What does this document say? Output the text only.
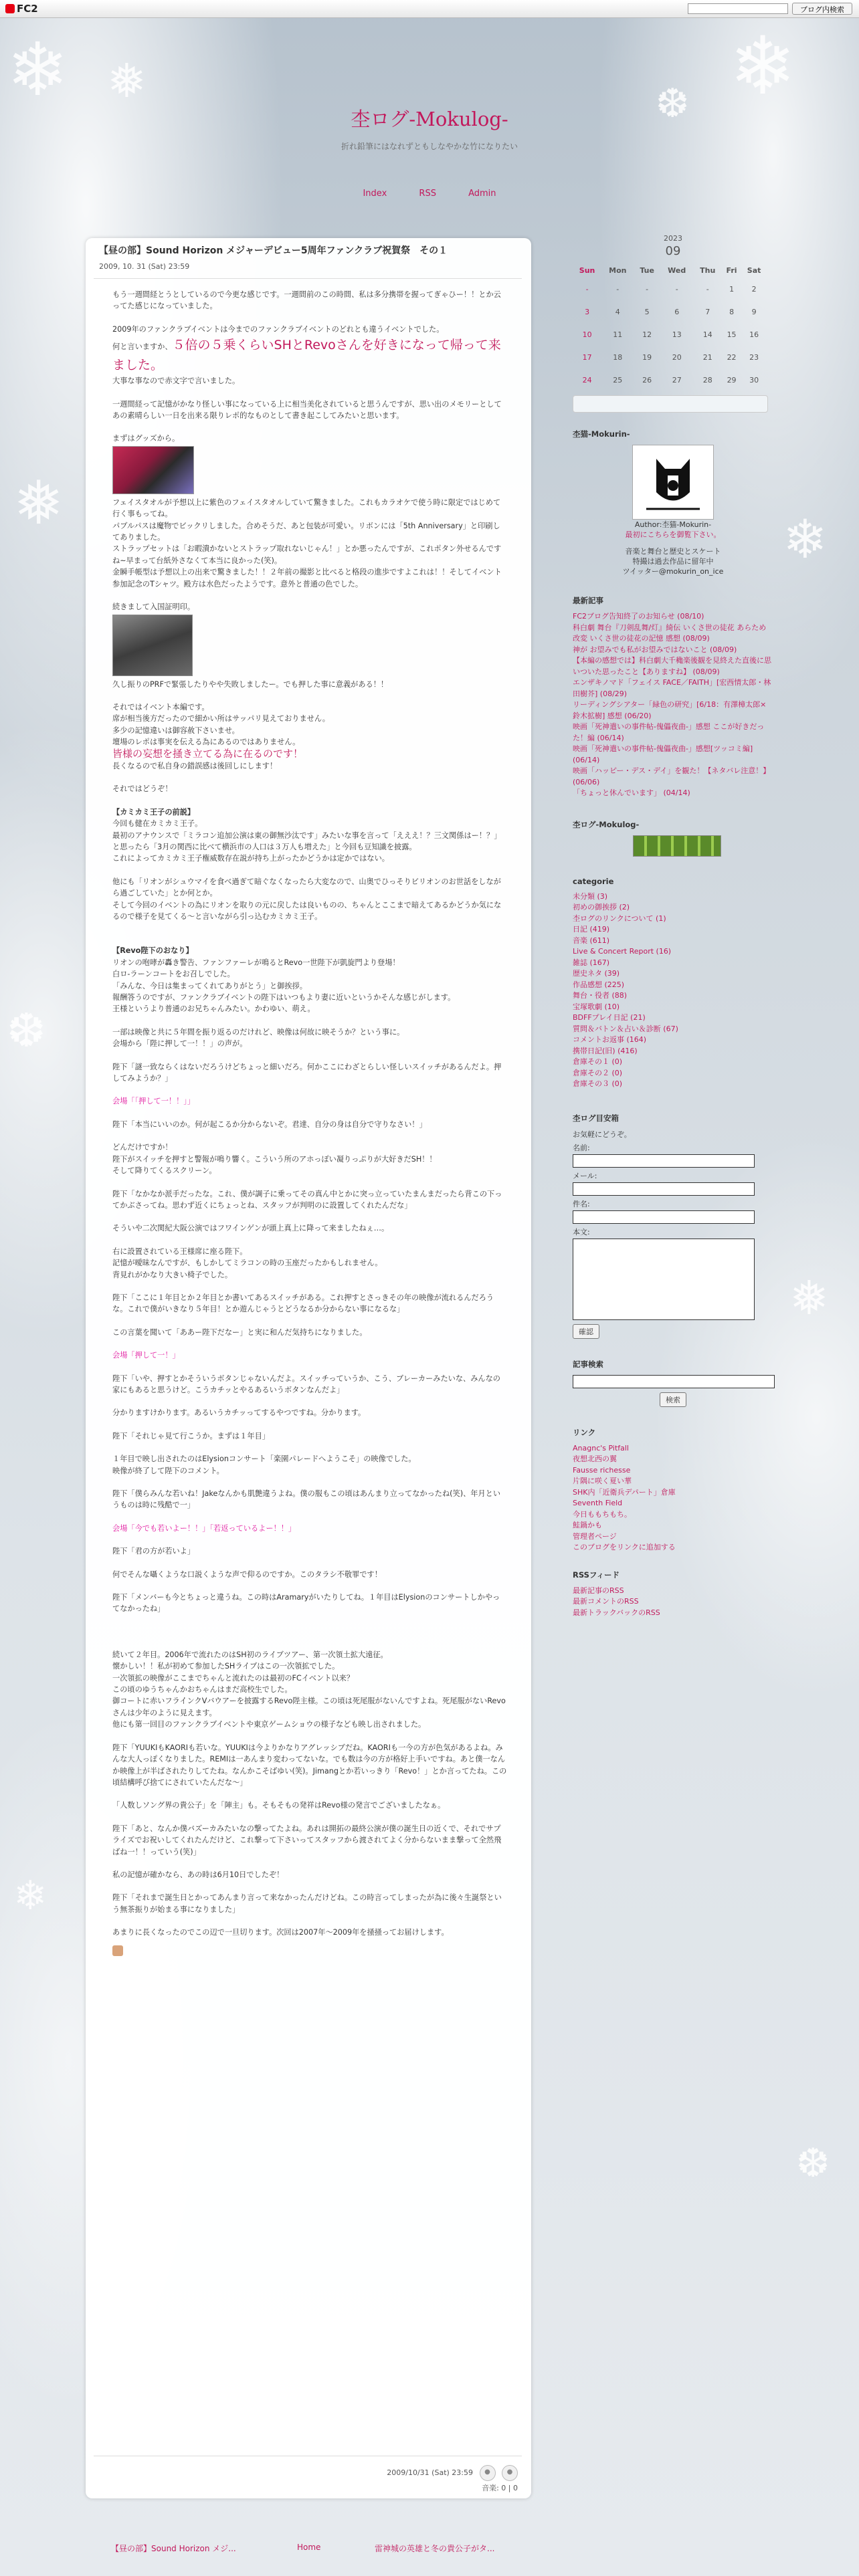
FC2	ブログ内検索
❄ ❅	❄
❆
❅
❄
❆
❅
❄
❆
杢ログ-Mokulog-
折れ鉛筆にはなれずともしなやかな竹になりたい
Index	RSS	Admin
【昼の部】Sound Horizon メジャーデビュー5周年ファンクラブ祝賀祭　その１
2009, 10. 31 (Sat) 23:59

もう一週間経とうとしているので今更な感じです。一週間前のこの時間、私は多分携帯を握ってぎゃひー！！とか云ってた感じになっていました。

2009年のファンクラブイベントは今までのファンクラブイベントのどれとも違うイベントでした。

何と言いますか、５倍の５乗くらいSHとRevoさんを好きになって帰って来ました。

大事な事なので赤文字で言いました。

一週間経って記憶がかなり怪しい事になっている上に相当美化されていると思うんですが、思い出のメモリーとしてあの素晴らしい一日を出来る限りレポ的なものとして書き起こしてみたいと思います。

まずはグッズから。

フェイスタオルが予想以上に紫色のフェイスタオルしていて驚きました。これもカラオケで使う時に限定ではじめて行く事もってね。

パブルパスは魔物でビックリしました。合めそうだ、あと包装が可愛い。リボンには「5th Anniversary」と印刷してありました。

ストラップセットは「お暇潰かないとストラップ取れないじゃん！」とか悪ったんですが、これポタン外せるんですね~早まって台紙外さなくて本当に良かった(笑)。

金瞬手帳型は予想以上の出来で驚きました！！２年前の撮影と比べると格段の進歩ですよこれは！！そしてイベント参加記念のTシャツ。殿方は水色だったようです。意外と普通の色でした。

続きまして入国証明印。

久し振りのPRFで緊張したりやや失敗しましたー。でも押した事に意義がある！！

それではイベント本編です。

席が相当後方だったので細かい所はサッパリ見えておりません。

多少の記憶違いは御容赦下さいませ。

壇場のレポは事実を伝える為にあるのではありません。

皆様の妄想を掻き立てる為に在るのです！

長くなるので私自身の錯誤感は後回しにします！

それではどうぞ！

【カミカミ王子の前説】

今回も健在カミカミ王子。

最初のアナウンスで「ミラコン追加公演は東の御無沙汰です」みたいな事を言って「えええ！？三文関係はー！？」と思ったら「3月の関西に比べて横浜市の人口は３万人も増えた」と今回も豆知識を披露。

これによってカミカミ王子権威数存在説が持ち上がったかどうかは定かではない。

他にも「リオンがシュウマイを食べ過ぎて暗ぐなくなったら大変なので、山奥でひっそりビリオンのお世話をしながら過ごしていた」とか何とか。

そして今回のイベントの為にリオンを取りの元に戻したは良いものの、ちゃんとここまで暗えてあるかどうか気になるので様子を見てくる～と言いながら引っ込むカミカミ王子。

【Revo陛下のおなり】

リオンの咆哮が轟き警告、ファンファーレが鳴るとRevo一世陛下が凱旋門より登場！

白ロ-ラーンコートをお召しでした。

「みんな、今日は集まってくれてありがとう」と御挨拶。

報酬答うのですが、ファンクラブイベントの陛下はいつもより妻に近いというかそんな感じがします。

王様というより普通のお兄ちゃんみたい。かわゆい、萌え。

一部は映像と共に５年間を振り返るのだけれど、映像は何故に映そうか？という事に。

会場から「陛に押して一！！」の声が。

陛下「謎一致ならくはないだろうけどちょっと細いだろ。何かここにわざとらしい怪しいスイッチがあるんだよ。押してみようか？」

会場「「押して一！！」」

陛下「本当にいいのか。何が起こるか分からないぞ。君達、自分の身は自分で守りなさい！」

どんだけですか！

陛下がスイッチを押すと警報が鳴り響く。こういう所のアホっぽい凝りっぷりが大好きだSH！！

そして降りてくるスクリーン。

陛下「なかなか派手だったな。これ、僕が調子に乗ってその真ん中とかに突っ立っていたまんまだったら背この下ってかぶさってね。思わず近くにちょっとね、スタッフが判明のに設置してくれたんだな」

そういや二次関紀大阪公演ではフワインゲンが頭上真上に降って来ましたねぇ…。

右に設置されている王様席に座る陛下。

記憶が曖昧なんですが、もしかしてミラコンの時の玉座だったかもしれません。

背見れがかなり大きい椅子でした。

陛下「ここに１年目とか２年目とか書いてあるスイッチがある。これ押すとさっきその年の映像が流れるんだろうな。これで僕がいきなり５年目！とか遊んじゃうとどうなるか分からない事になるな」

この言葉を聞いて「ああー陛下だなー」と実に和んだ気持ちになりました。

会場「押して一！」

陛下「いや、押すとかそういうボタンじゃないんだよ。スイッチっていうか、こう、ブレーカーみたいな、みんなの家にもあると思うけど。こうカチッとやるあるいうボタンなんだよ」

分かりますけかります。あるいうカチッってするやつですね。分かります。

陛下「それじゃ見て行こうか。まずは１年目」

１年目で映し出されたのはElysionコンサート「楽園パレードへようこそ」の映像でした。

映像が終了して陛下のコメント。

陛下「僕らみんな若いね！Jakeなんかも肌艶違うよね。僕の服もこの頃はあんまり立ってなかったね(笑)、年月というものは時に残酷で一」

会場「今でも若いよー！！」「若返っているよー！！」

陛下「君の方が若いよ」

何でそんな囁くような口説くような声で仰るのですか。このタラシ不敬罪です！

陛下「メンバーも今とちょっと違うね。この時はAramaryがいたりしてね。１年目はElysionのコンサートしかやってなかったね」

続いて２年目。2006年で流れたのはSH初のライブツアー、第一次領土拡大遠征。

懐かしい！！私が初めて参加したSHライブはこの一次領拡でした。

一次領拡の映像がここまでちゃんと流れたのは最初のFCイベント以来？

この頃のゆうちゃんかおちゃんはまだ高校生でした。

御コートに赤いフラインクVバウアーを披露するRevo陛主様。この頃は死尾服がないんですよね。死尾服がないRevoさんは少年のように見えます。

他にも第一回目のファンクラブイベントや東京ゲームショウの様子なども映し出されました。

陛下「YUUKIもKAORIも若いな。YUUKIは今よりかなりアグレッシブだね。KAORIも一今の方が色気があるよね。みんな大人っぽくなりました。REMIは一あんまり変わってないな。でも数は今の方が格好上手いですね。あと僕一なんか映像上が半ばされたりしてたね。なんかこそばゆい(笑)。Jimangとか若いっきり「Revo！」とか言ってたね。この頃結構呼び捨てにされていたんだな～」

「人数しソング界の貴公子」を「陣主」も。そもそもの発祥はRevo様の発言でございましたなぁ。

陛下「あと、なんか僕バズーカみたいなの撃ってたよね。あれは開拓の最終公演が僕の誕生日の近くで、それでサプライズでお祝いしてくれたんだけど、これ撃って下さいってスタッフから渡されてよく分からないまま撃って全然飛ばね一！！っていう(笑)」

私の記憶が確かなら、あの時は6月10日でしたぞ！

陛下「それまで誕生日とかってあんまり言って来なかったんだけどね。この時言ってしまったが為に後々生誕祭という無茶振りが始まる事になりました」

あまりに長くなったのでこの辺で一旦切ります。次回は2007年～2009年を掻掻ってお届けします。

2009/10/31 (Sat) 23:59 ● ●
音楽: 0 | 0
2023
09
Sun	Mon	Tue	Wed	Thu	Fri	Sat
-	-	-	-	-	1	2
3	4	5	6	7	8	9
10	11	12	13	14	15	16
17	18	19	20	21	22	23
24	25	26	27	28	29	30
杢猫-Mokurin-
Author:杢猫-Mokurin-
最初にこちらを御覧下さい。
音楽と舞台と歴史とスケート
特撮は過去作品に留年中
ツイッター@mokurin_on_ice
最新記事
FC2ブログ告知終了のお知らせ (08/10)
科白劇 舞台『刀剣乱舞/灯』綺伝 いくさ世の徒花 あらため 改変 いくさ世の徒花の記憶 感想 (08/09)
神が お望みでも私がお望みではないこと (08/09)
【本編の感想では】科白劇大千穐楽後観を見終えた直後に思いついた思ったこと【ありますね】 (08/09)
エンザキノマド「フェイス FACE／FAITH」[宏西情太郎・林田樹芥] (08/29)
リーディングシアター「緑色の研究」[6/18：有澤樟太郎×鈴木拡樹] 感想 (06/20)
映画「死神遣いの事件帖-傀儡夜曲-」感想 ここが好きだった！編 (06/14)
映画「死神遣いの事件帖-傀儡夜曲-」感想[ツッコミ編] (06/14)
映画「ハッピー・デス・デイ」を観た！【ネタバレ注意！】 (06/06)
「ちょっと休んでいます」 (04/14)
杢ログ-Mokulog-
categorie
未分類 (3)
初めの御挨拶 (2)
杢ログのリンクについて (1)
日記 (419)
音楽 (611)
Live & Concert Report (16)
雑誌 (167)
歴史ネタ (39)
作品感想 (225)
舞台・役者 (88)
宝塚歌劇 (10)
BDFFプレイ日記 (21)
質問＆バトン＆占い＆診断 (67)
コメントお返事 (164)
携帯日記(旧) (416)
倉庫その１ (0)
倉庫その２ (0)
倉庫その３ (0)
杢ログ目安箱
お気軽にどうぞ。
名前:
メール:
件名:
本文:
確認
記事検索
検索
リンク
Anagnc's Pitfall
夜想北西の翼
Fausse richesse
片隅に咲く夏い華
SHK内「近衛兵デパート」倉庫
Seventh Field
今日ももちもち。
鮭鍋かも
管理者ページ
このブログをリンクに追加する
RSSフィード
最新記事のRSS
最新コメントのRSS
最新トラックバックのRSS
【昼の部】Sound Horizon メジ...	Home	雷神城の英雄と冬の貴公子がタ...
